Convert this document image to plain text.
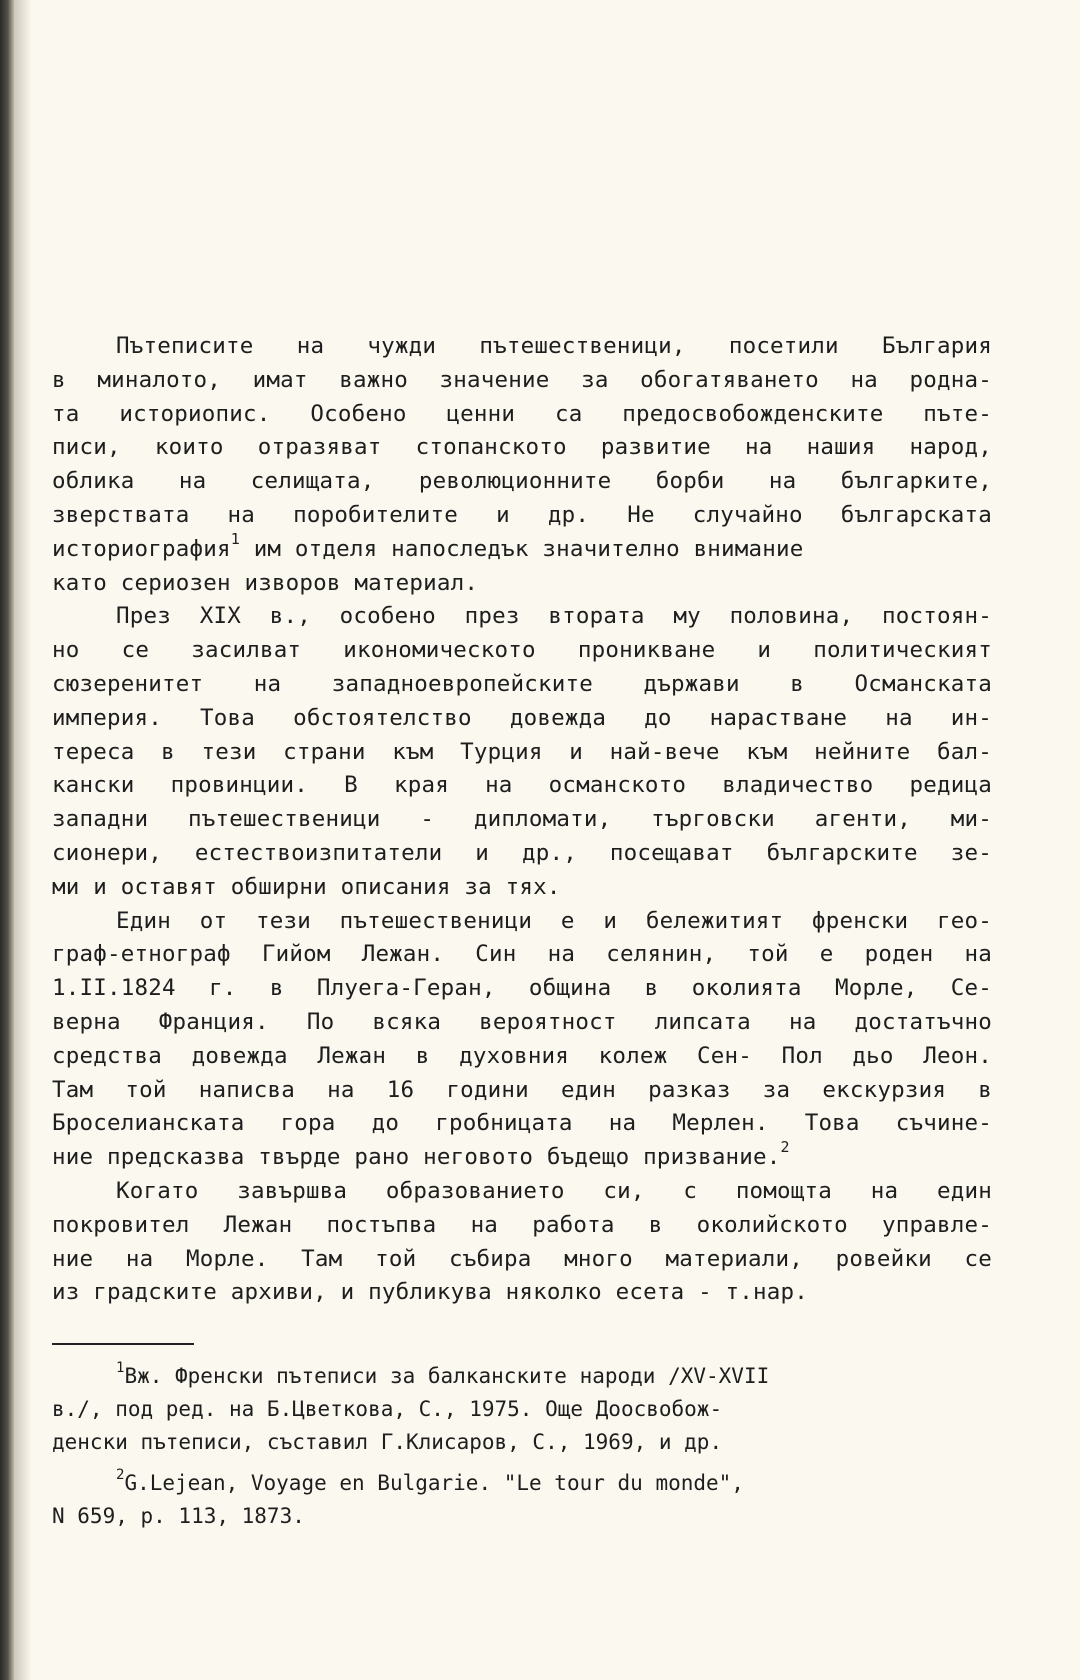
Пътеписите на чужди пътешественици, посетили България
в миналото, имат важно значение за обогатяването на родна-
та историопис. Особено ценни са предосвобожденските пъте-
писи, които отразяват стопанското развитие на нашия народ,
облика на селищата, революционните борби на българките,
зверствата на поробителите и др. Не случайно българската
историография$^1$ им отделя напоследък значително внимание
като сериозен изворов материал.
През XIX в., особено през втората му половина, постоян-
но се засилват икономическото проникване и политическият
сюзеренитет на западноевропейските държави в Османската
империя. Това обстоятелство довежда до нарастване на ин-
тереса в тези страни към Турция и най-вече към нейните бал-
кански провинции. В края на османското владичество редица
западни пътешественици - дипломати, търговски агенти, ми-
сионери, естествоизпитатели и др., посещават българските зе-
ми и оставят обширни описания за тях.
Един от тези пътешественици е и бележитият френски гео-
граф-етнограф Гийом Лежан. Син на селянин, той е роден на
1.II.1824 г. в Плуега-Геран, община в околията Морле, Се-
верна Франция. По всяка вероятност липсата на достатъчно
средства довежда Лежан в духовния колеж Сен- Пол дьо Леон.
Там той написва на 16 години един разказ за екскурзия в
Броселианската гора до гробницата на Мерлен. Това съчине-
ние предсказва твърде рано неговото бъдещо призвание.$^2$
Когато завършва образованието си, с помощта на един
покровител Лежан постъпва на работа в околийското управле-
ние на Морле. Там той събира много материали, ровейки се
из градските архиви, и публикува няколко есета - т.нар.
$^1$Вж. Френски пътеписи за балканските народи /XV-XVII
в./, под ред. на Б.Цветкова, С., 1975. Още Доосвобож-
денски пътеписи, съставил Г.Клисаров, С., 1969, и др.
$^2$G.Lejean, Voyage en Bulgarie. "Le tour du monde",
N 659, p. 113, 1873.
